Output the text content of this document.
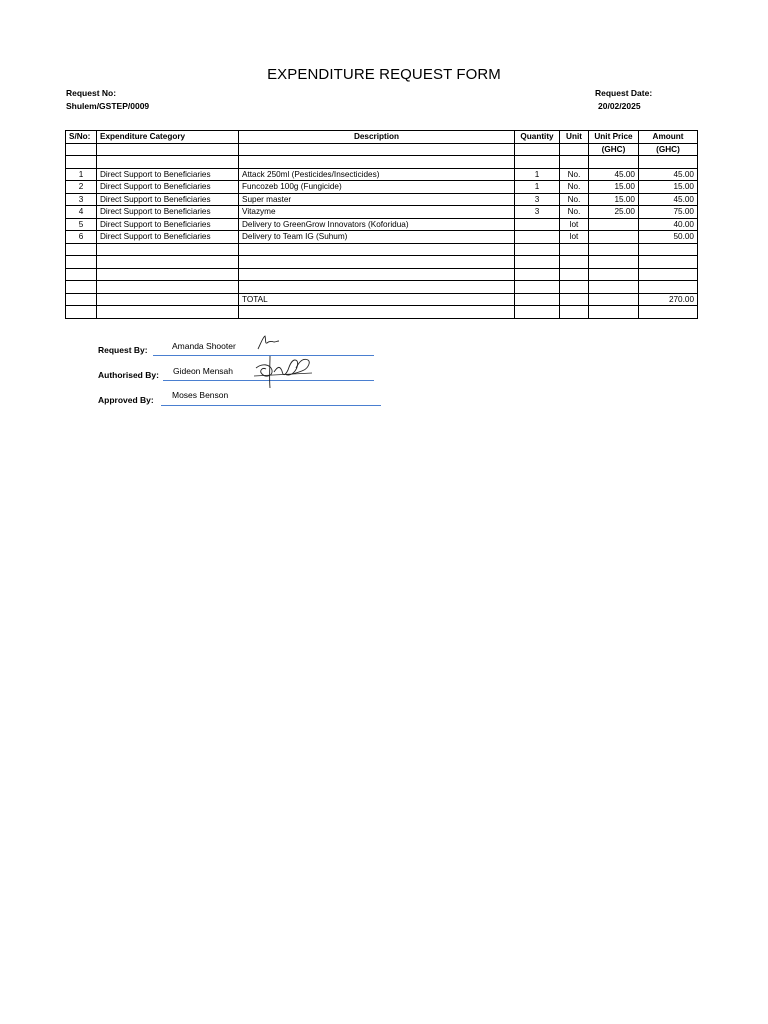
EXPENDITURE REQUEST FORM
Request No:
Shulem/GSTEP/0009
Request Date:
20/02/2025
S/No:	Expenditure Category	Description	Quantity	Unit	Unit Price	Amount
					(GHC)	(GHC)

1	Direct Support to Beneficiaries	Attack 250ml (Pesticides/Insecticides)	1	No.	45.00	45.00
2	Direct Support to Beneficiaries	Funcozeb 100g (Fungicide)	1	No.	15.00	15.00
3	Direct Support to Beneficiaries	Super master	3	No.	15.00	45.00
4	Direct Support to Beneficiaries	Vitazyme	3	No.	25.00	75.00
5	Direct Support to Beneficiaries	Delivery to GreenGrow Innovators (Koforidua)		lot		40.00
6	Direct Support to Beneficiaries	Delivery to Team IG (Suhum)		lot		50.00

		TOTAL				270.00

Request By:	Amanda Shooter
Authorised By: Gideon Mensah
Approved By: Moses Benson
